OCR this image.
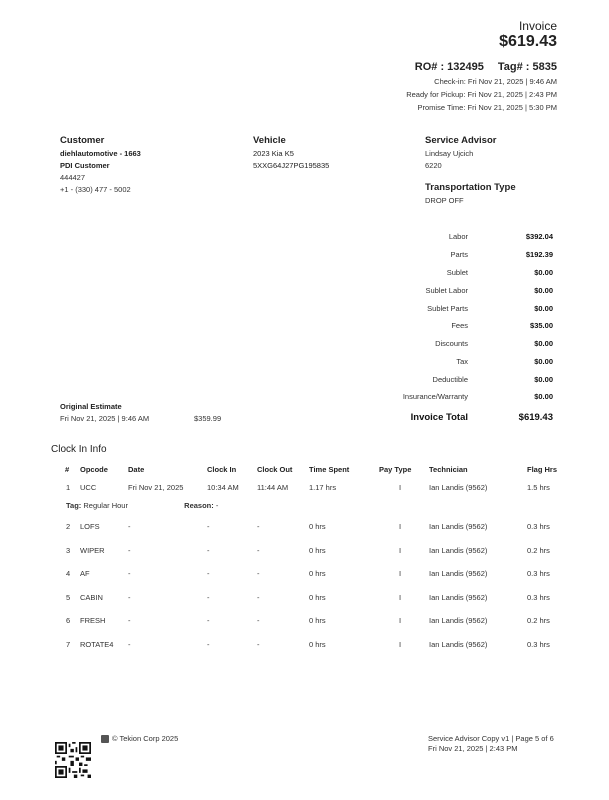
Invoice
$619.43
RO# : 132495 Tag# : 5835
Check-in: Fri Nov 21, 2025 | 9:46 AM
Ready for Pickup: Fri Nov 21, 2025 | 2:43 PM
Promise Time: Fri Nov 21, 2025 | 5:30 PM
Customer
diehlautomotive - 1663
PDI Customer
444427
+1 - (330) 477 - 5002
Vehicle
2023 Kia K5
5XXG64J27PG195835
Service Advisor
Lindsay Ujcich
6220
Transportation Type
DROP OFF
Labor	$392.04
Parts	$192.39
Sublet	$0.00
Sublet Labor	$0.00
Sublet Parts	$0.00
Fees	$35.00
Discounts	$0.00
Tax	$0.00
Deductible	$0.00
Insurance/Warranty	$0.00
Invoice Total	$619.43
Original Estimate
Fri Nov 21, 2025 | 9:46 AM	$359.99
Clock In Info
#	Opcode	Date	Clock In	Clock Out	Time Spent	Pay Type	Technician	Flag Hrs
1	UCC	Fri Nov 21, 2025	10:34 AM	11:44 AM	1.17 hrs	I	Ian Landis (9562)	1.5 hrs
2	LOFS	-	-	-	0 hrs	I	Ian Landis (9562)	0.3 hrs
3	WIPER	-	-	-	0 hrs	I	Ian Landis (9562)	0.2 hrs
4	AF	-	-	-	0 hrs	I	Ian Landis (9562)	0.3 hrs
5	CABIN	-	-	-	0 hrs	I	Ian Landis (9562)	0.3 hrs
6	FRESH	-	-	-	0 hrs	I	Ian Landis (9562)	0.2 hrs
7	ROTATE4	-	-	-	0 hrs	I	Ian Landis (9562)	0.3 hrs
Tag: Regular Hour	Reason: -
© Tekion Corp 2025	Service Advisor Copy v1 | Page 5 of 6
Fri Nov 21, 2025 | 2:43 PM
